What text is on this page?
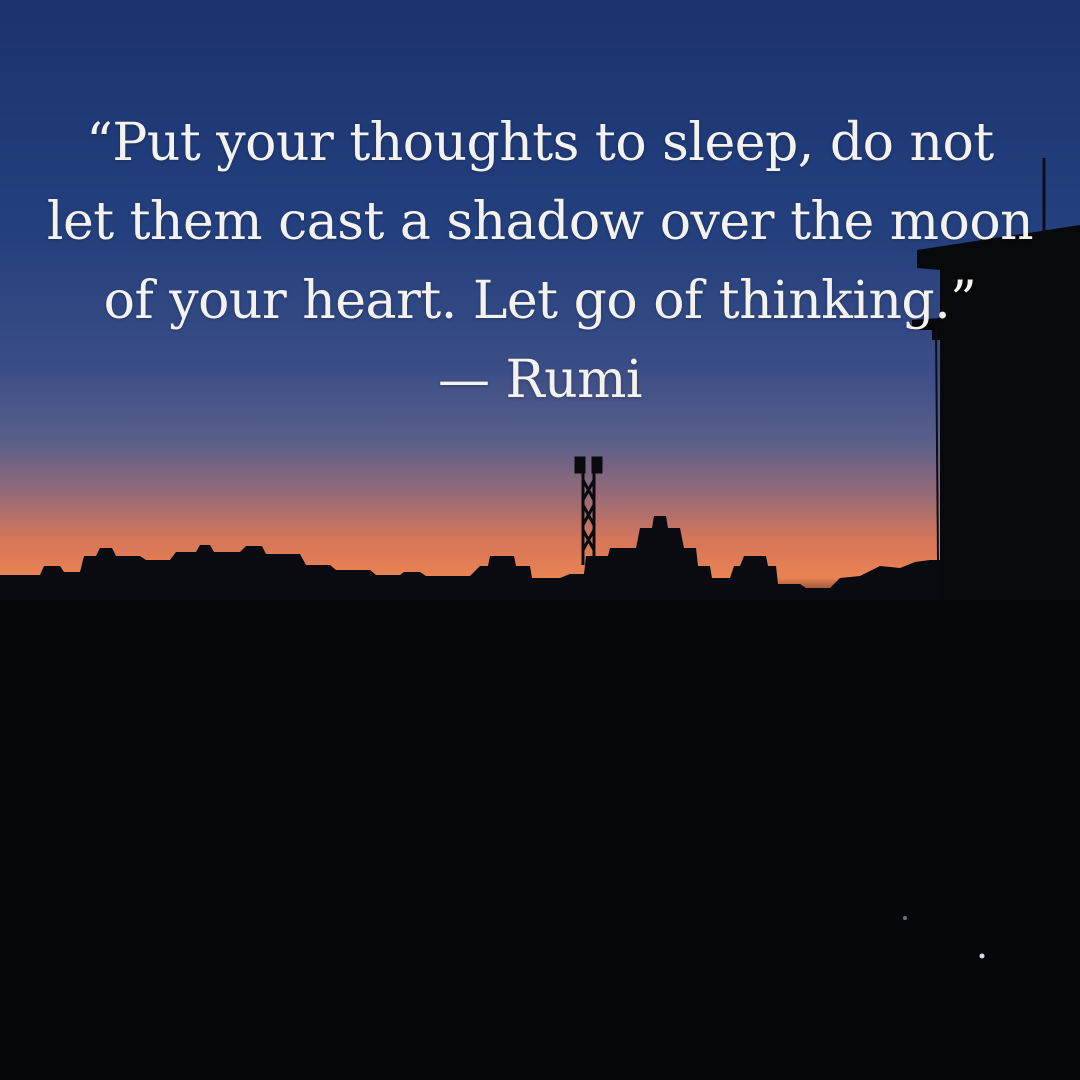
“Put your thoughts to sleep, do not
let them cast a shadow over the moon
of your heart. Let go of thinking.”
— Rumi
